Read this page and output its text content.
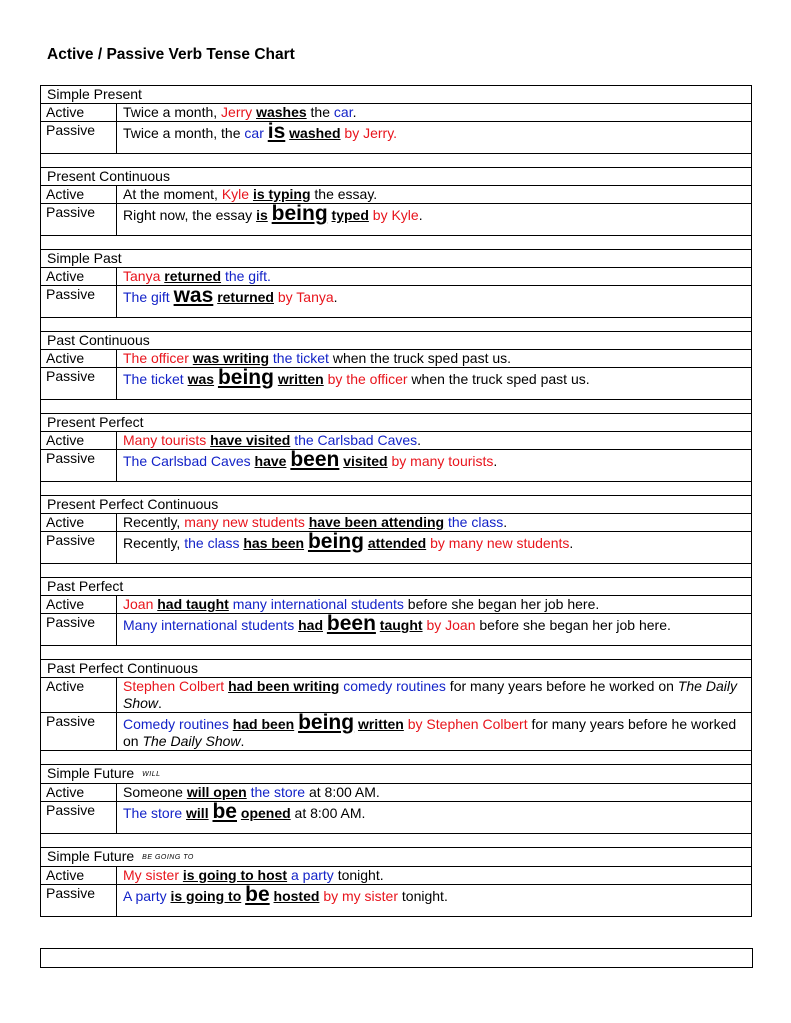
Active / Passive Verb Tense Chart
Simple Present	
Active	Twice a month, Jerry washes the car.
Passive	Twice a month, the car is washed by Jerry.

Present Continuous	
Active	At the moment, Kyle is typing the essay.
Passive	Right now, the essay is being typed by Kyle.

Simple Past	
Active	Tanya returned the gift.
Passive	The gift was returned by Tanya.

Past Continuous	
Active	The officer was writing the ticket when the truck sped past us.
Passive	The ticket was being written by the officer when the truck sped past us.

Present Perfect	
Active	Many tourists have visited the Carlsbad Caves.
Passive	The Carlsbad Caves have been visited by many tourists.

Present Perfect Continuous	
Active	Recently, many new students have been attending the class.
Passive	Recently, the class has been being attended by many new students.

Past Perfect	
Active	Joan had taught many international students before she began her job here.
Passive	Many international students had been taught by Joan before she began her job here.

Past Perfect Continuous	
Active	Stephen Colbert had been writing comedy routines for many years before he worked on The Daily Show.
Passive	Comedy routines had been being written by Stephen Colbert for many years before he worked on The Daily Show.

Simple Future WILL	
Active	Someone will open the store at 8:00 AM.
Passive	The store will be opened at 8:00 AM.

Simple Future BE GOING TO	
Active	My sister is going to host a party tonight.
Passive	A party is going to be hosted by my sister tonight.
